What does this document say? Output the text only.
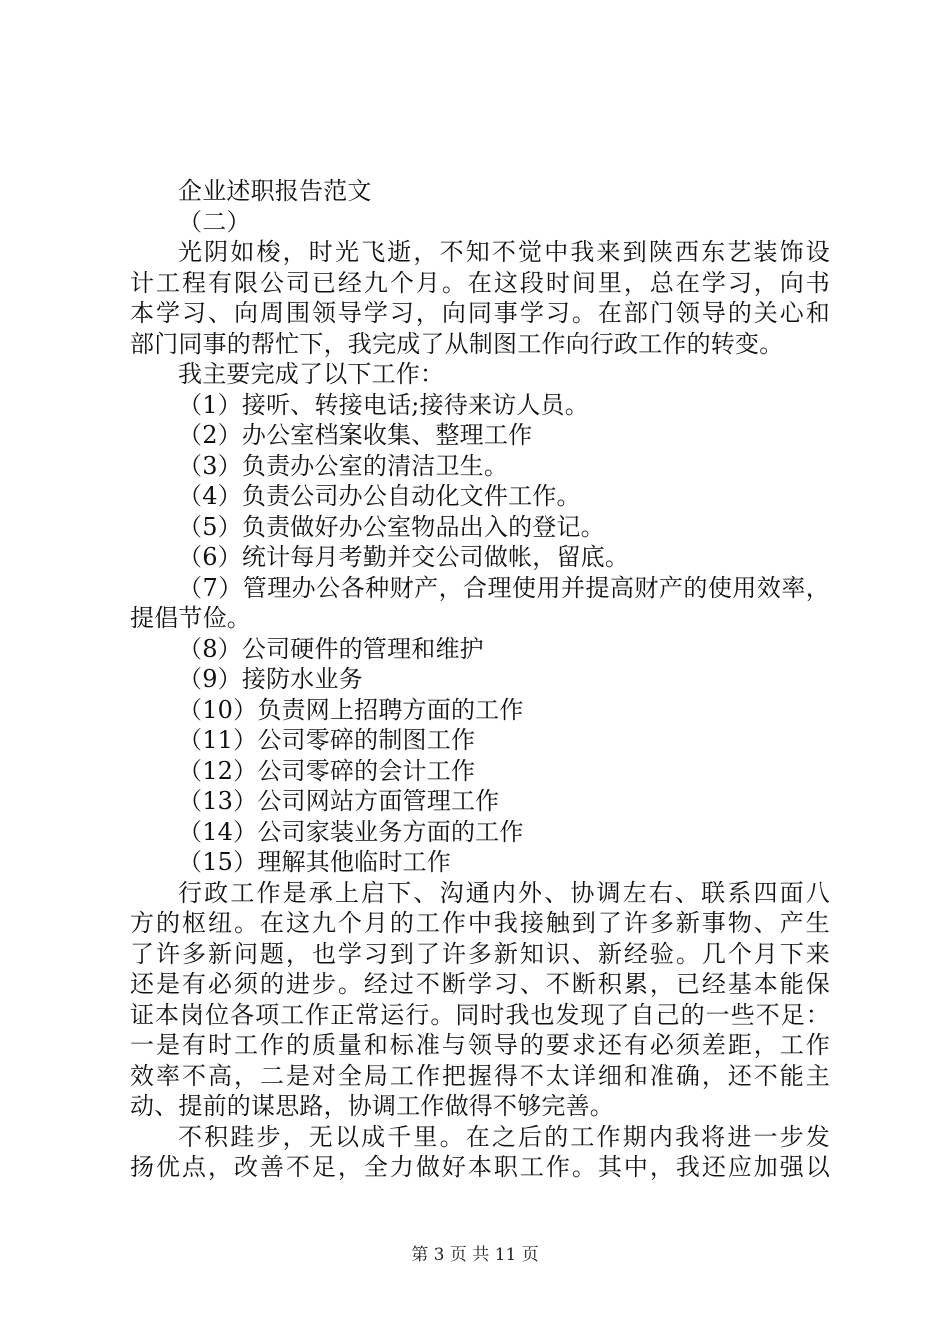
企业述职报告范文
（二）
光阴如梭，时光飞逝，不知不觉中我来到陕西东艺装饰设
计工程有限公司已经九个月。在这段时间里，总在学习，向书
本学习、向周围领导学习，向同事学习。在部门领导的关心和
部门同事的帮忙下，我完成了从制图工作向行政工作的转变。
我主要完成了以下工作：
（1）接听、转接电话;接待来访人员。
（2）办公室档案收集、整理工作
（3）负责办公室的清洁卫生。
（4）负责公司办公自动化文件工作。
（5）负责做好办公室物品出入的登记。
（6）统计每月考勤并交公司做帐，留底。
（7）管理办公各种财产，合理使用并提高财产的使用效率，
提倡节俭。
（8）公司硬件的管理和维护
（9）接防水业务
（10）负责网上招聘方面的工作
（11）公司零碎的制图工作
（12）公司零碎的会计工作
（13）公司网站方面管理工作
（14）公司家装业务方面的工作
（15）理解其他临时工作
行政工作是承上启下、沟通内外、协调左右、联系四面八
方的枢纽。在这九个月的工作中我接触到了许多新事物、产生
了许多新问题，也学习到了许多新知识、新经验。几个月下来
还是有必须的进步。经过不断学习、不断积累，已经基本能保
证本岗位各项工作正常运行。同时我也发现了自己的一些不足：
一是有时工作的质量和标准与领导的要求还有必须差距，工作
效率不高，二是对全局工作把握得不太详细和准确，还不能主
动、提前的谋思路，协调工作做得不够完善。
不积跬步，无以成千里。在之后的工作期内我将进一步发
扬优点，改善不足，全力做好本职工作。其中，我还应加强以
第 3 页 共 11 页
